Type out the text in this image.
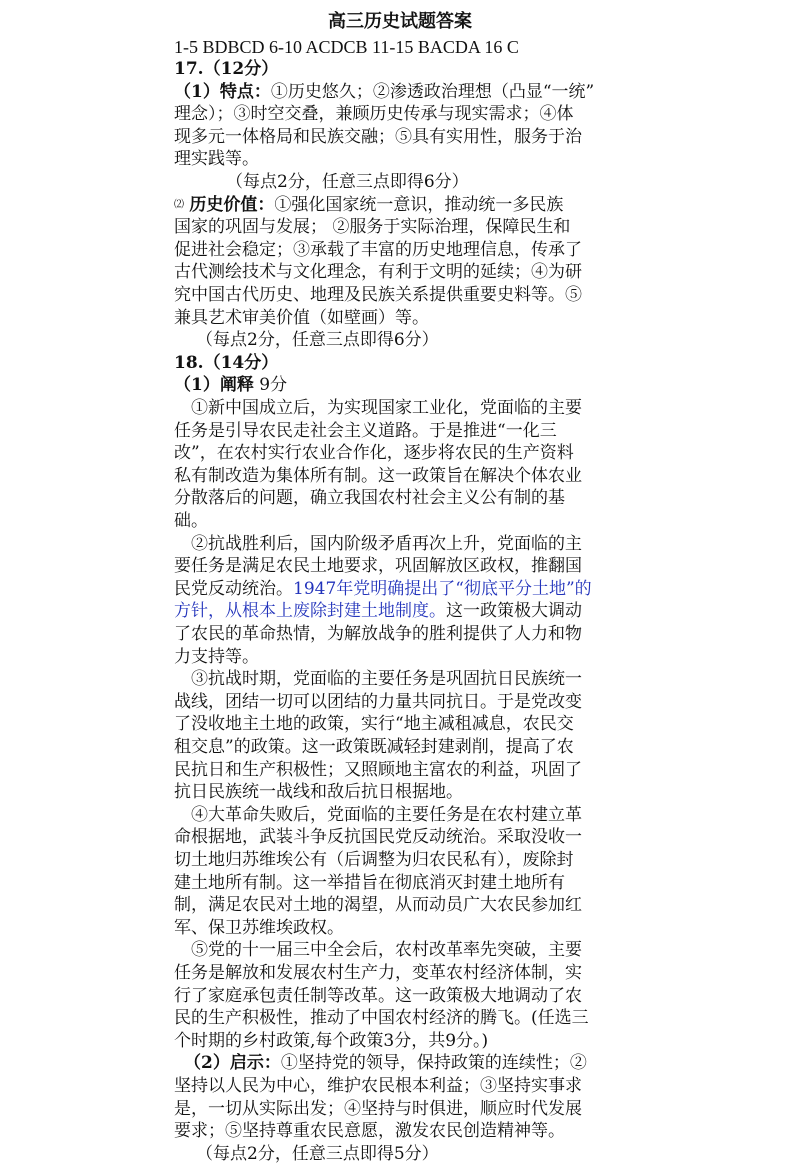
高三历史试题答案
1-5 BDBCD 6-10 ACDCB 11-15 BACDA 16 C
17.（12分）
（1）特点：①历史悠久；②渗透政治理想（凸显“一统”
理念）；③时空交叠，兼顾历史传承与现实需求；④体
现多元一体格局和民族交融；⑤具有实用性，服务于治
理实践等。
（每点2分，任意三点即得6分）
⑵ 历史价值：①强化国家统一意识，推动统一多民族
国家的巩固与发展； ②服务于实际治理，保障民生和
促进社会稳定；③承载了丰富的历史地理信息，传承了
古代测绘技术与文化理念，有利于文明的延续；④为研
究中国古代历史、地理及民族关系提供重要史料等。⑤
兼具艺术审美价值（如壁画）等。
（每点2分，任意三点即得6分）
18.（14分）
（1）阐释 9分
①新中国成立后，为实现国家工业化，党面临的主要
任务是引导农民走社会主义道路。于是推进“一化三
改”，在农村实行农业合作化，逐步将农民的生产资料
私有制改造为集体所有制。这一政策旨在解决个体农业
分散落后的问题，确立我国农村社会主义公有制的基
础。
②抗战胜利后，国内阶级矛盾再次上升，党面临的主
要任务是满足农民土地要求，巩固解放区政权，推翻国
民党反动统治。1947年党明确提出了“彻底平分土地”的
方针，从根本上废除封建土地制度。这一政策极大调动
了农民的革命热情，为解放战争的胜利提供了人力和物
力支持等。
③抗战时期，党面临的主要任务是巩固抗日民族统一
战线，团结一切可以团结的力量共同抗日。于是党改变
了没收地主土地的政策，实行“地主减租减息，农民交
租交息”的政策。这一政策既减轻封建剥削，提高了农
民抗日和生产积极性；又照顾地主富农的利益，巩固了
抗日民族统一战线和敌后抗日根据地。
④大革命失败后，党面临的主要任务是在农村建立革
命根据地，武装斗争反抗国民党反动统治。采取没收一
切土地归苏维埃公有（后调整为归农民私有），废除封
建土地所有制。这一举措旨在彻底消灭封建土地所有
制，满足农民对土地的渴望，从而动员广大农民参加红
军、保卫苏维埃政权。
⑤党的十一届三中全会后，农村改革率先突破，主要
任务是解放和发展农村生产力，变革农村经济体制，实
行了家庭承包责任制等改革。这一政策极大地调动了农
民的生产积极性，推动了中国农村经济的腾飞。(任选三
个时期的乡村政策,每个政策3分，共9分。)
（2）启示：①坚持党的领导，保持政策的连续性；②
坚持以人民为中心，维护农民根本利益；③坚持实事求
是，一切从实际出发；④坚持与时俱进，顺应时代发展
要求；⑤坚持尊重农民意愿，激发农民创造精神等。
（每点2分，任意三点即得5分）
